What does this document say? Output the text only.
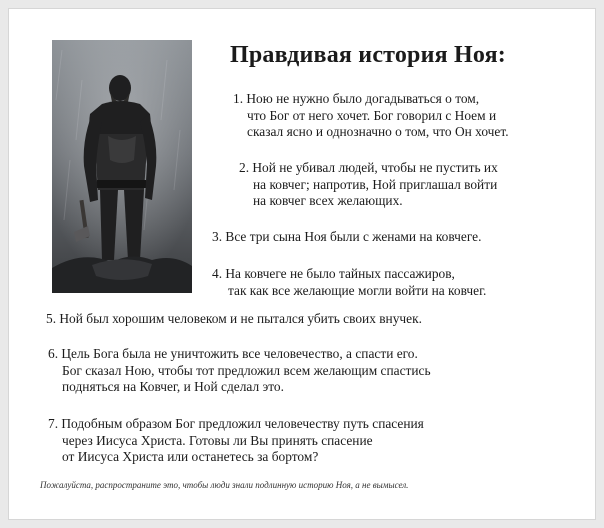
Правдивая история Ноя:
1. Ною не нужно было догадываться о том,
что Бог от него хочет. Бог говорил с Ноем и
сказал ясно и однозначно о том, что Он хочет.
2. Ной не убивал людей, чтобы не пустить их
на ковчег; напротив, Ной приглашал войти
на ковчег всех желающих.
3. Все три сына Ноя были с женами на ковчеге.
4. На ковчеге не было тайных пассажиров,
так как все желающие могли войти на ковчег.
5. Ной был хорошим человеком и не пытался убить своих внучек.
6. Цель Бога была не уничтожить все человечество, а спасти его.
Бог сказал Ною, чтобы тот предложил всем желающим спастись
подняться на Ковчег, и Ной сделал это.
7. Подобным образом Бог предложил человечеству путь спасения
через Иисуса Христа. Готовы ли Вы принять спасение
от Иисуса Христа или останетесь за бортом?
Пожалуйста, распространите это, чтобы люди знали подлинную историю Ноя, а не вымысел.
